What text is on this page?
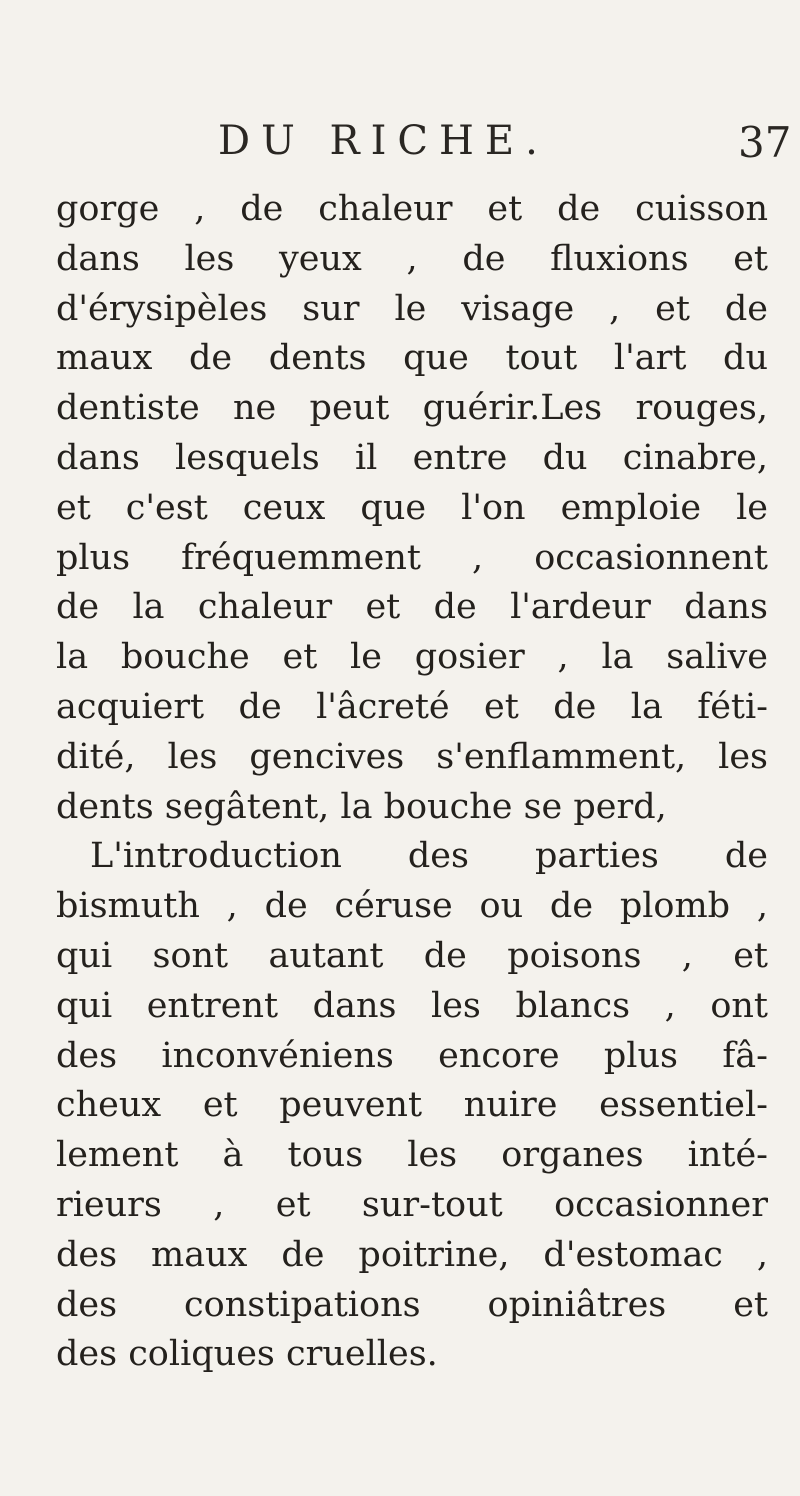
DU RICHE.	37
gorge , de chaleur et de cuisson
dans les yeux , de fluxions et
d'érysipèles sur le visage , et de
maux de dents que tout l'art du
dentiste ne peut guérir.Les rouges,
dans lesquels il entre du cinabre,
et c'est ceux que l'on emploie le
plus fréquemment , occasionnent
de la chaleur et de l'ardeur dans
la bouche et le gosier , la salive
acquiert de l'âcreté et de la féti-
dité, les gencives s'enflamment, les
dents segâtent, la bouche se perd,
L'introduction des parties de
bismuth , de céruse ou de plomb ,
qui sont autant de poisons , et
qui entrent dans les blancs , ont
des inconvéniens encore plus fâ-
cheux et peuvent nuire essentiel-
lement à tous les organes inté-
rieurs , et sur-tout occasionner
des maux de poitrine, d'estomac ,
des constipations opiniâtres et
des coliques cruelles.
